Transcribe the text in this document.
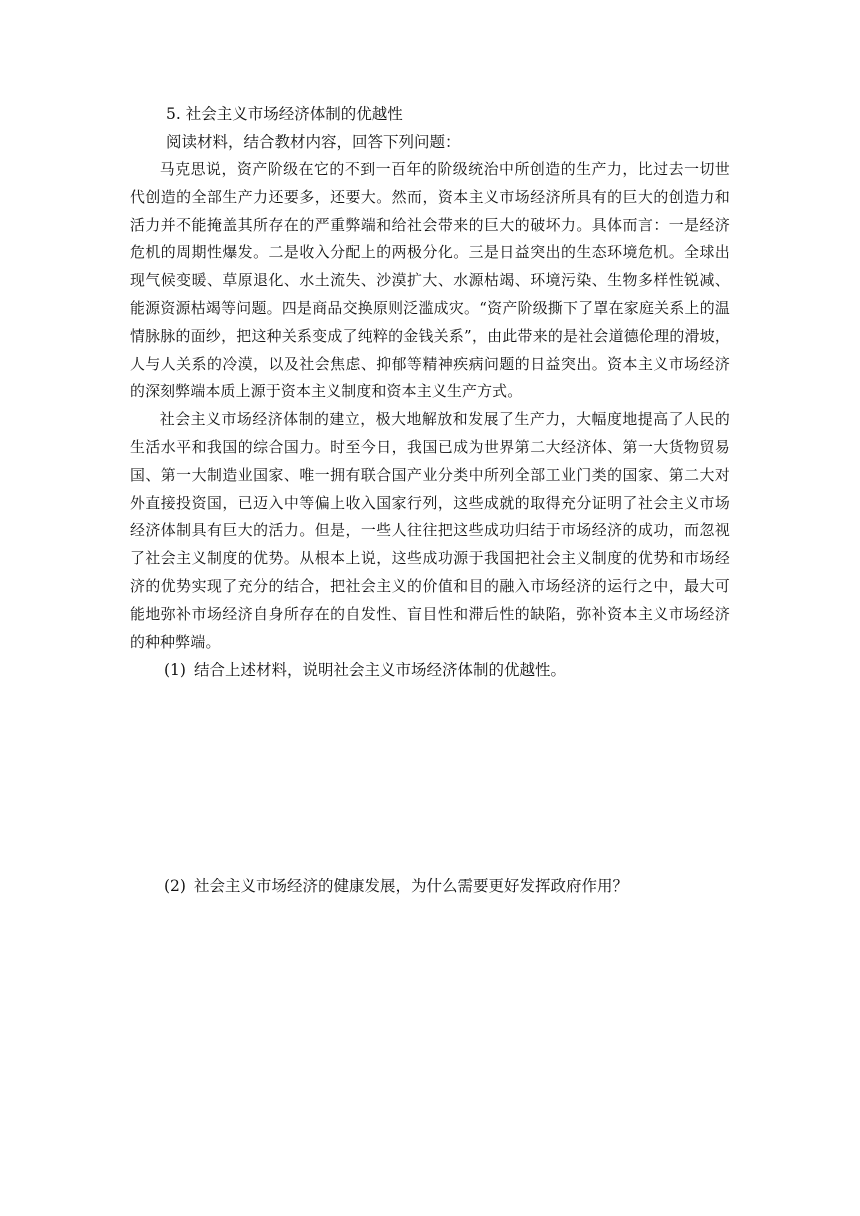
5. 社会主义市场经济体制的优越性
阅读材料，结合教材内容，回答下列问题：

马克思说，资产阶级在它的不到一百年的阶级统治中所创造的生产力，比过去一切世代创造的全部生产力还要多，还要大。然而，资本主义市场经济所具有的巨大的创造力和活力并不能掩盖其所存在的严重弊端和给社会带来的巨大的破坏力。具体而言：一是经济危机的周期性爆发。二是收入分配上的两极分化。三是日益突出的生态环境危机。全球出现气候变暖、草原退化、水土流失、沙漠扩大、水源枯竭、环境污染、生物多样性锐减、能源资源枯竭等问题。四是商品交换原则泛滥成灾。“资产阶级撕下了罩在家庭关系上的温情脉脉的面纱，把这种关系变成了纯粹的金钱关系”，由此带来的是社会道德伦理的滑坡，人与人关系的冷漠，以及社会焦虑、抑郁等精神疾病问题的日益突出。资本主义市场经济的深刻弊端本质上源于资本主义制度和资本主义生产方式。

社会主义市场经济体制的建立，极大地解放和发展了生产力，大幅度地提高了人民的生活水平和我国的综合国力。时至今日，我国已成为世界第二大经济体、第一大货物贸易国、第一大制造业国家、唯一拥有联合国产业分类中所列全部工业门类的国家、第二大对外直接投资国，已迈入中等偏上收入国家行列，这些成就的取得充分证明了社会主义市场经济体制具有巨大的活力。但是，一些人往往把这些成功归结于市场经济的成功，而忽视了社会主义制度的优势。从根本上说，这些成功源于我国把社会主义制度的优势和市场经济的优势实现了充分的结合，把社会主义的价值和目的融入市场经济的运行之中，最大可能地弥补市场经济自身所存在的自发性、盲目性和滞后性的缺陷，弥补资本主义市场经济的种种弊端。

(1) 结合上述材料，说明社会主义市场经济体制的优越性。
(2) 社会主义市场经济的健康发展，为什么需要更好发挥政府作用？
